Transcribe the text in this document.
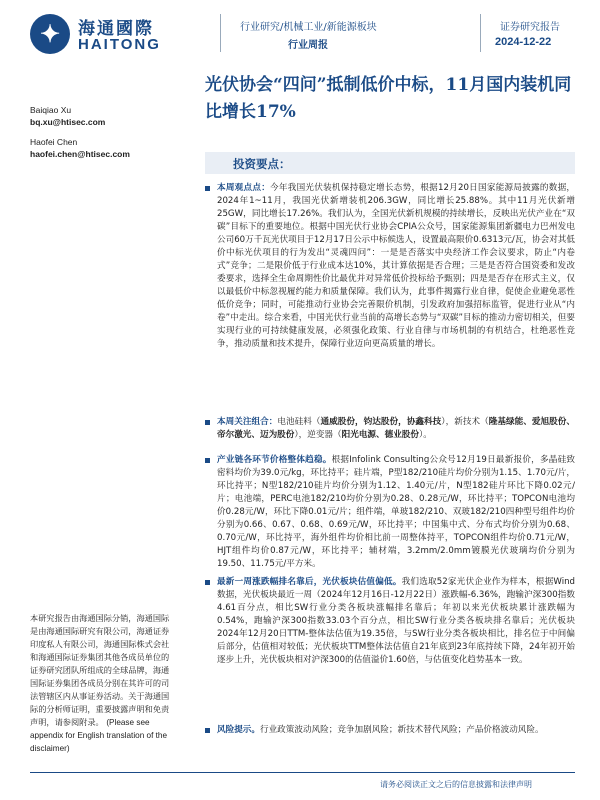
✦	海通國際
HAITONG
行业研究/机械工业/新能源板块
行业周报
证券研究报告
2024-12-22
光伏协会“四问”抵制低价中标，11月国内装机同比增长17%
Baiqiao Xu
bq.xu@htisec.com
Haofei Chen
haofei.chen@htisec.com
投资要点：
本周观点点：今年我国光伏装机保持稳定增长态势，根据12月20日国家能源局披露的数据，2024年1~11月，我国光伏新增装机206.3GW，同比增长25.88%。其中11月光伏新增25GW，同比增长17.26%。我们认为，全国光伏新机规模的持续增长，反映出光伏产业在“双碳”目标下的重要地位。根据中国光伏行业协会CPIA公众号，国家能源集团新疆电力巴州发电公司60万千瓦光伏项目于12月17日公示中标候选人，设置最高限价0.6313元/瓦，协会对其低价中标光伏项目的行为发出“灵魂四问”：一是是否落实中央经济工作会议要求，防止“内卷式”竞争；二是限价低于行业成本达10%，其计算依据是否合理；三是是否符合国资委和发改委要求，选择全生命周期性价比最优并对异常低价投标给予甄别；四是是否存在形式主义，仅以最低价中标忽视履约能力和质量保障。我们认为，此事件揭露行业自律，促使企业避免恶性低价竞争；同时，可能推动行业协会完善限价机制，引发政府加强招标监管，促进行业从“内卷”中走出。综合来看，中国光伏行业当前的高增长态势与“双碳”目标的推动力密切相关，但要实现行业的可持续健康发展，必须强化政策、行业自律与市场机制的有机结合，杜绝恶性竞争，推动质量和技术提升，保障行业迈向更高质量的增长。
本周关注组合：电池硅料（通威股份，钧达股份，协鑫科技），新技术（隆基绿能、爱旭股份、帝尔激光、迈为股份），逆变器（阳光电源、德业股份）。
产业链各环节价格整体趋稳。根据Infolink Consulting公众号12月19日最新报价，多晶硅致密料均价为39.0元/kg，环比持平；硅片端，P型182/210硅片均价分别为1.15、1.70元/片，环比持平；N型182/210硅片均价分别为1.12、1.40元/片，N型182硅片环比下降0.02元/片；电池端，PERC电池182/210均价分别为0.28、0.28元/W，环比持平；TOPCON电池均价0.28元/W，环比下降0.01元/片；组件端，单玻182/210、双玻182/210四种型号组件均价分别为0.66、0.67、0.68、0.69元/W，环比持平；中国集中式、分布式均价分别为0.68、0.70元/W，环比持平，海外组件均价相比前一周整体持平，TOPCON组件均价0.71元/W，HJT组件均价0.87元/W，环比持平；辅材端，3.2mm/2.0mm镀膜光伏玻璃均价分别为19.50、11.75元/平方米。
最新一周涨跌幅排名靠后，光伏板块估值偏低。我们选取52家光伏企业作为样本，根据Wind数据，光伏板块最近一周（2024年12月16日-12月22日）涨跌幅-6.36%，跑输沪深300指数4.61百分点，相比SW行业分类各板块涨幅排名靠后；年初以来光伏板块累计涨跌幅为0.54%，跑输沪深300指数33.03个百分点，相比SW行业分类各板块排名靠后；光伏板块2024年12月20日TTM-整体法估值为19.35倍，与SW行业分类各板块相比，排名位于中间偏后部分，估值相对较低；光伏板块TTM整体法估值自21年底到23年底持续下降，24年初开始逐步上升，光伏板块相对沪深300的估值溢价1.60倍，与估值变化趋势基本一致。
风险提示。行业政策波动风险；竞争加剧风险；新技术替代风险；产品价格波动风险。
本研究报告由海通国际分销，海通国际是由海通国际研究有限公司，海通证券印度私人有限公司，海通国际株式会社和海通国际证券集团其他各成员单位的证券研究团队所组成的全球品牌，海通国际证券集团各成员分别在其许可的司法管辖区内从事证券活动。关于海通国际的分析师证明，重要披露声明和免责声明，请参阅附录。 (Please see appendix for English translation of the disclaimer)
请务必阅读正文之后的信息披露和法律声明
